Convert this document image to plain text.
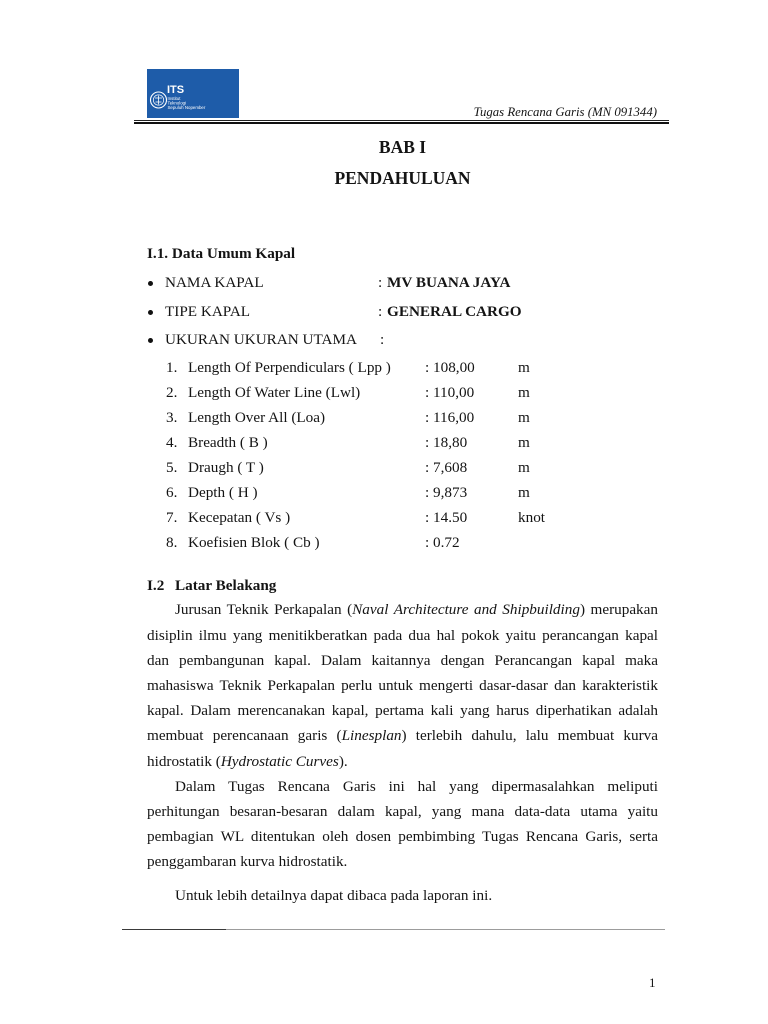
ITS
Institut
Teknologi
Sepuluh Nopember	Tugas Rencana Garis (MN 091344)
BAB I
PENDAHULUAN
I.1. Data Umum Kapal
NAMA KAPAL	: MV BUANA JAYA
TIPE KAPAL	: GENERAL CARGO
UKURAN UKURAN UTAMA :
1. Length Of Perpendiculars ( Lpp ) : 108,00	m
2. Length Of Water Line (Lwl)	: 110,00	m
3. Length Over All (Loa)	: 116,00	m
4. Breadth ( B )	: 18,80	m
5. Draugh ( T )	: 7,608	m
6. Depth ( H )	: 9,873	m
7. Kecepatan ( Vs )	: 14.50	knot
8. Koefisien Blok ( Cb )	: 0.72
I.2 Latar Belakang
Jurusan Teknik Perkapalan (Naval Architecture and Shipbuilding) merupakan
disiplin ilmu yang menitikberatkan pada dua hal pokok yaitu perancangan kapal
dan pembangunan kapal. Dalam kaitannya dengan Perancangan kapal maka
mahasiswa Teknik Perkapalan perlu untuk mengerti dasar-dasar dan karakteristik
kapal. Dalam merencanakan kapal, pertama kali yang harus diperhatikan adalah
membuat perencanaan garis (Linesplan) terlebih dahulu, lalu membuat kurva
hidrostatik (Hydrostatic Curves).
Dalam Tugas Rencana Garis ini hal yang dipermasalahkan meliputi
perhitungan besaran-besaran dalam kapal, yang mana data-data utama yaitu
pembagian WL ditentukan oleh dosen pembimbing Tugas Rencana Garis, serta
penggambaran kurva hidrostatik.
Untuk lebih detailnya dapat dibaca pada laporan ini.
1
